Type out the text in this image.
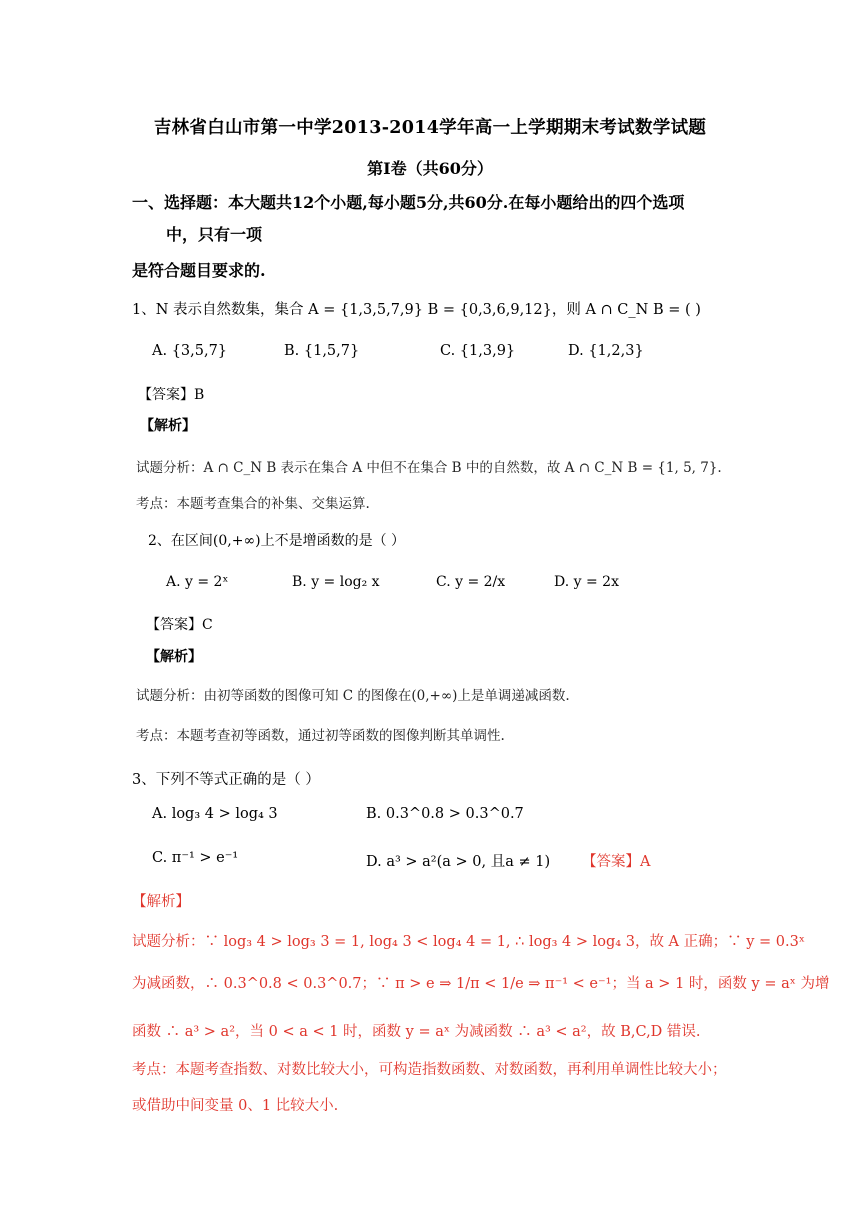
吉林省白山市第一中学2013-2014学年高一上学期期末考试数学试题
第Ⅰ卷（共60分）
一、选择题：本大题共12个小题,每小题5分,共60分.在每小题给出的四个选项
中，只有一项
是符合题目要求的.
1、N 表示自然数集，集合 A = {1,3,5,7,9} B = {0,3,6,9,12}，则 A ∩ C_N B = ( )
A. {3,5,7}	B. {1,5,7}	C. {1,3,9}	D. {1,2,3}
【答案】B
【解析】
试题分析：A ∩ C_N B 表示在集合 A 中但不在集合 B 中的自然数，故 A ∩ C_N B = {1, 5, 7}.
考点：本题考查集合的补集、交集运算.
2、在区间(0,+∞)上不是增函数的是（ ）
A. y = 2ˣ	B. y = log₂ x	C. y = 2/x	D. y = 2x
【答案】C
【解析】
试题分析：由初等函数的图像可知 C 的图像在(0,+∞)上是单调递减函数.
考点：本题考查初等函数，通过初等函数的图像判断其单调性.
3、下列不等式正确的是（ ）
A. log₃ 4 > log₄ 3	B. 0.3^0.8 > 0.3^0.7
C. π⁻¹ > e⁻¹	D. a³ > a²(a > 0, 且a ≠ 1) 【答案】A
【解析】
试题分析：∵ log₃ 4 > log₃ 3 = 1, log₄ 3 < log₄ 4 = 1, ∴ log₃ 4 > log₄ 3，故 A 正确；∵ y = 0.3ˣ
为减函数，∴ 0.3^0.8 < 0.3^0.7；∵ π > e ⇒ 1/π < 1/e ⇒ π⁻¹ < e⁻¹；当 a > 1 时，函数 y = aˣ 为增
函数 ∴ a³ > a²，当 0 < a < 1 时，函数 y = aˣ 为减函数 ∴ a³ < a²，故 B,C,D 错误.
考点：本题考查指数、对数比较大小，可构造指数函数、对数函数，再利用单调性比较大小；
或借助中间变量 0、1 比较大小.
